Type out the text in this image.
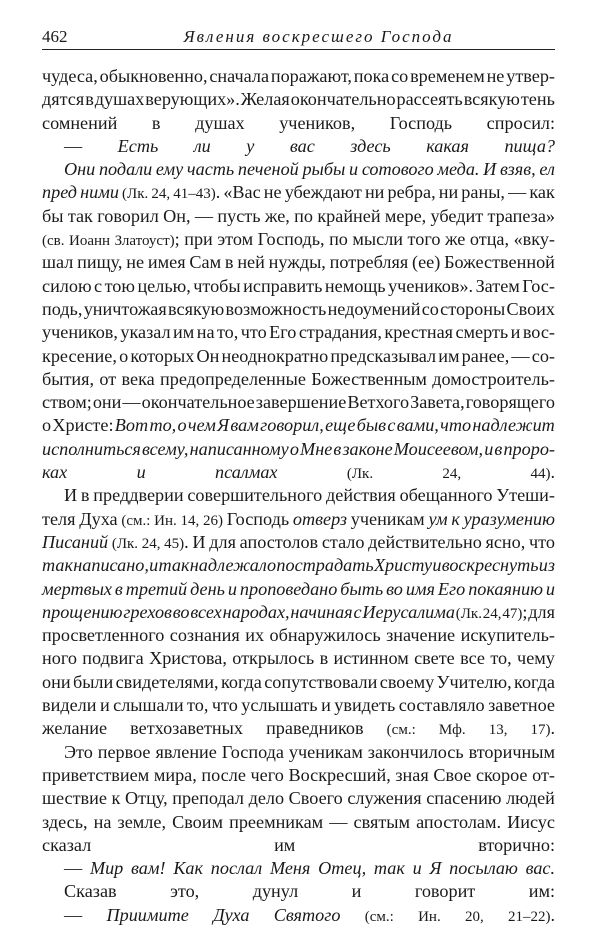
462	Явления воскресшего Господа
чудеса, обыкновенно, сначала поражают, пока со временем не утвер-
дятся в душах верующих». Желая окончательно рассеять всякую тень
сомнений в душах учеников, Господь спросил:
— Есть ли у вас здесь какая пища?
Они подали ему часть печеной рыбы и сотового меда. И взяв, ел
пред ними (Лк. 24, 41–43). «Вас не убеждают ни ребра, ни раны, — как
бы так говорил Он, — пусть же, по крайней мере, убедит трапеза»
(св. Иоанн Златоуст); при этом Господь, по мысли того же отца, «вку-
шал пищу, не имея Сам в ней нужды, потребляя (ее) Божественной
силою с тою целью, чтобы исправить немощь учеников». Затем Гос-
подь, уничтожая всякую возможность недоумений со стороны Своих
учеников, указал им на то, что Его страдания, крестная смерть и вос-
кресение, о которых Он неоднократно предсказывал им ранее, — со-
бытия, от века предопределенные Божественным домостроитель-
ством; они — окончательное завершение Ветхого Завета, говорящего
о Христе: Вот то, о чем Я вам говорил, еще быв с вами, что надлежит
исполниться всему, написанному о Мне в законе Моисеевом, и в проро-
ках	и	псалмах	(Лк.	24,	44).
И в преддверии совершительного действия обещанного Утеши-
теля Духа (см.: Ин. 14, 26) Господь отверз ученикам ум к уразумению
Писаний (Лк. 24, 45). И для апостолов стало действительно ясно, что
так написано, и так надлежало пострадать Христу и воскреснуть из
мертвых в третий день и проповедано быть во имя Его покаянию и
прощению грехов во всех народах, начиная с Иерусалима (Лк. 24, 47); для
просветленного сознания их обнаружилось значение искупитель-
ного подвига Христова, открылось в истинном свете все то, чему
они были свидетелями, когда сопутствовали своему Учителю, когда
видели и слышали то, что услышать и увидеть составляло заветное
желание ветхозаветных праведников (см.: Мф. 13, 17).
Это первое явление Господа ученикам закончилось вторичным
приветствием мира, после чего Воскресший, зная Свое скорое от-
шествие к Отцу, преподал дело Своего служения спасению людей
здесь, на земле, Своим преемникам — святым апостолам. Иисус
сказал	им	вторично:
— Мир вам! Как послал Меня Отец, так и Я посылаю вас.
Сказав	это,	дунул	и	говорит	им:
— Приимите Духа Святого (см.: Ин. 20, 21–22).
